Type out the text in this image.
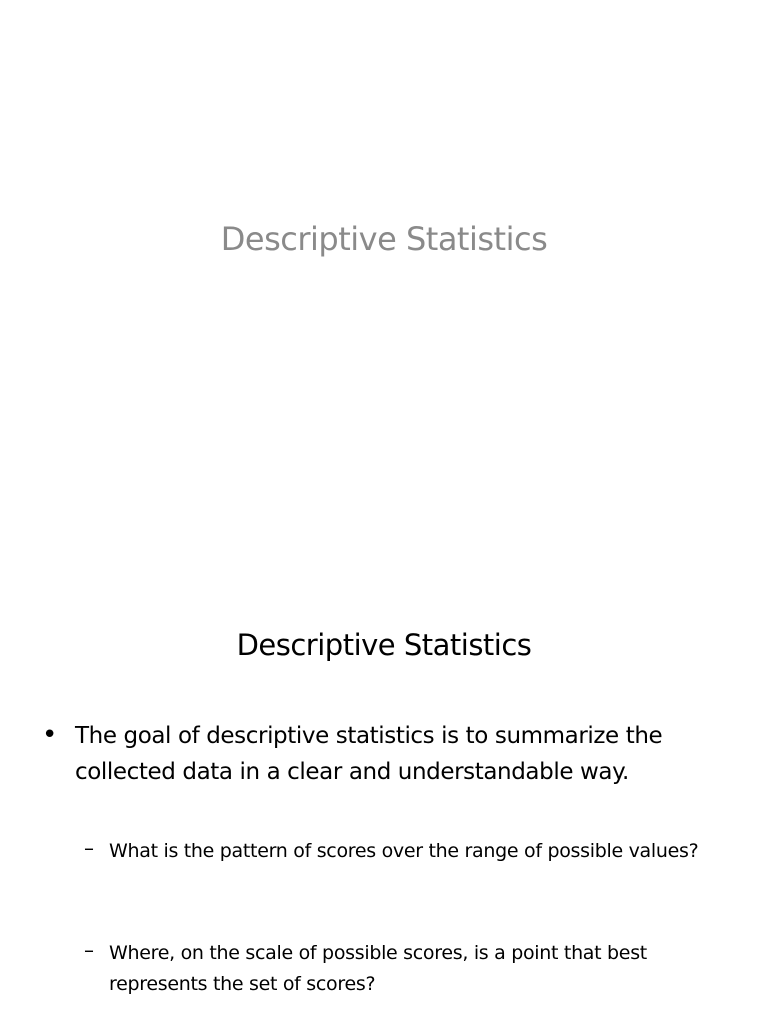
Descriptive Statistics
Descriptive Statistics
• The goal of descriptive statistics is to summarize the collected data in a clear and understandable way.
– What is the pattern of scores over the range of possible values?
– Where, on the scale of possible scores, is a point that best represents the set of scores?
